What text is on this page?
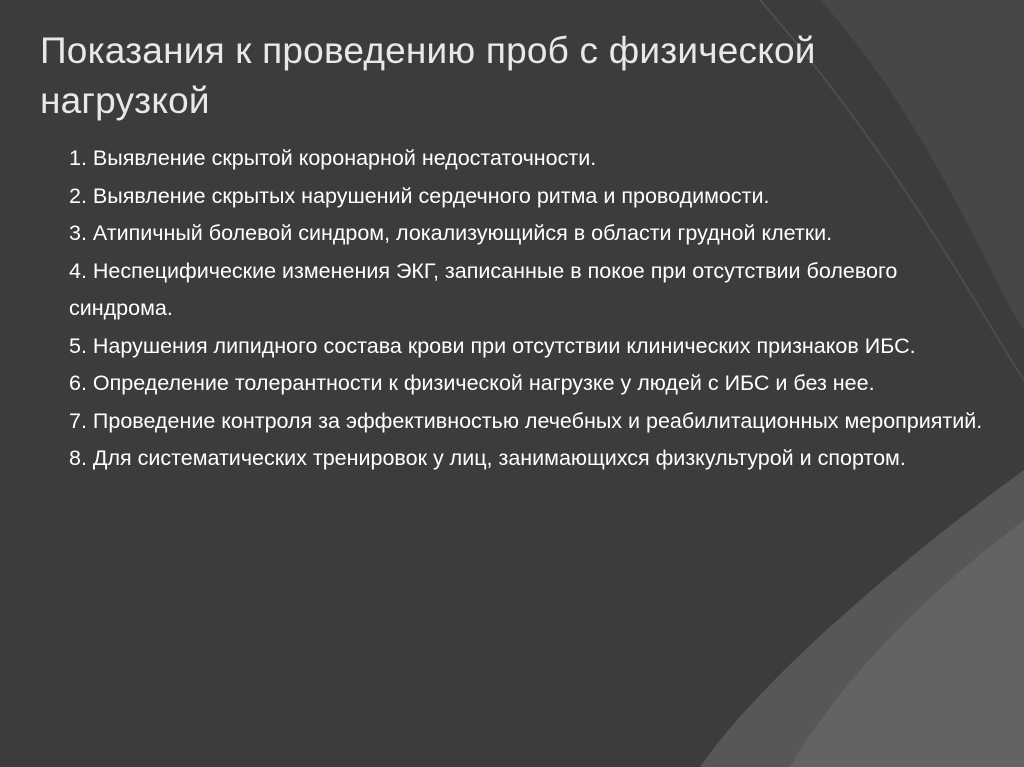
Показания к проведению проб с физической нагрузкой
1. Выявление скрытой коронарной недостаточности.
2. Выявление скрытых нарушений сердечного ритма и проводимости.
3. Атипичный болевой синдром, локализующийся в области грудной клетки.
4. Неспецифические изменения ЭКГ, записанные в покое при отсутствии болевого синдрома.
5. Нарушения липидного состава крови при отсутствии клинических признаков ИБС.
6. Определение толерантности к физической нагрузке у людей с ИБС и без нее.
7. Проведение контроля за эффективностью лечебных и реабилитационных мероприятий.
8. Для систематических тренировок у лиц, занимающихся физкультурой и спортом.
